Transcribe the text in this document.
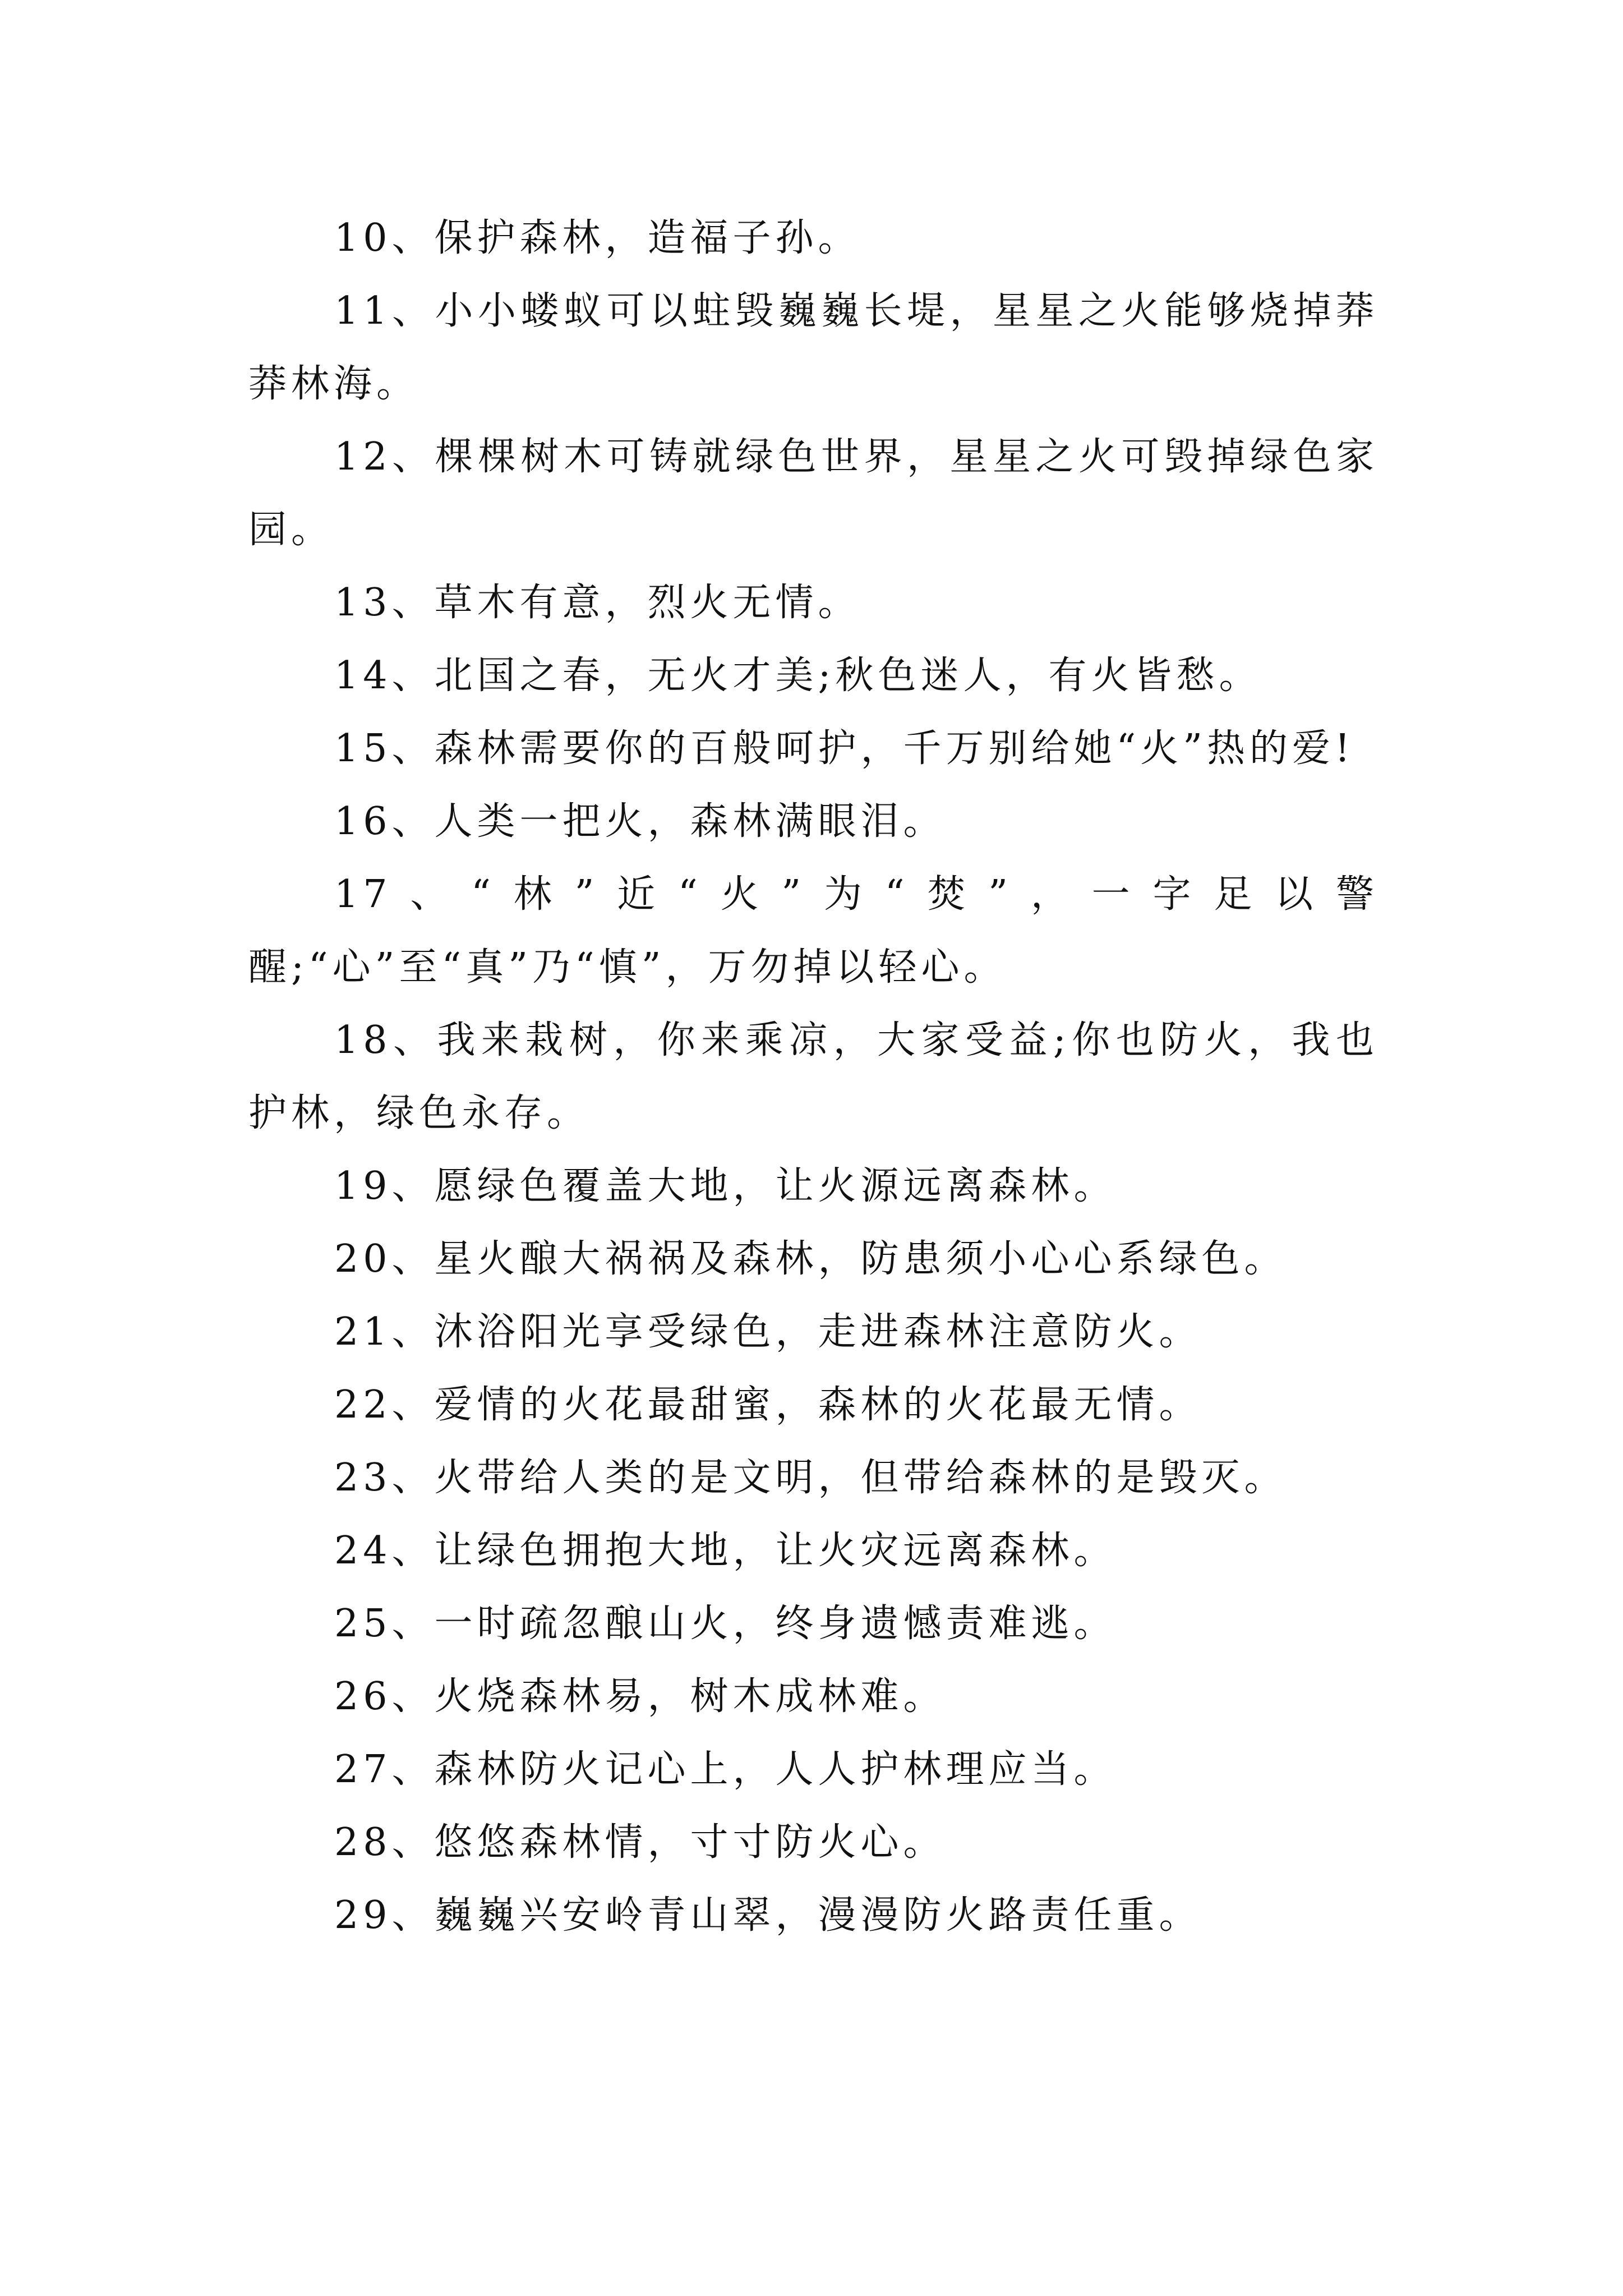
10、保护森林，造福子孙。

11、小小蝼蚁可以蛀毁巍巍长堤，星星之火能够烧掉莽莽林海。

12、棵棵树木可铸就绿色世界，星星之火可毁掉绿色家园。

13、草木有意，烈火无情。

14、北国之春，无火才美;秋色迷人，有火皆愁。

15、森林需要你的百般呵护，千万别给她“火”热的爱!

16、人类一把火，森林满眼泪。

17、“林”近“火”为“焚”，一字足以警醒;“心”至“真”乃“慎”，万勿掉以轻心。

18、我来栽树，你来乘凉，大家受益;你也防火，我也护林，绿色永存。

19、愿绿色覆盖大地，让火源远离森林。

20、星火酿大祸祸及森林，防患须小心心系绿色。

21、沐浴阳光享受绿色，走进森林注意防火。

22、爱情的火花最甜蜜，森林的火花最无情。

23、火带给人类的是文明，但带给森林的是毁灭。

24、让绿色拥抱大地，让火灾远离森林。

25、一时疏忽酿山火，终身遗憾责难逃。

26、火烧森林易，树木成林难。

27、森林防火记心上，人人护林理应当。

28、悠悠森林情，寸寸防火心。

29、巍巍兴安岭青山翠，漫漫防火路责任重。
